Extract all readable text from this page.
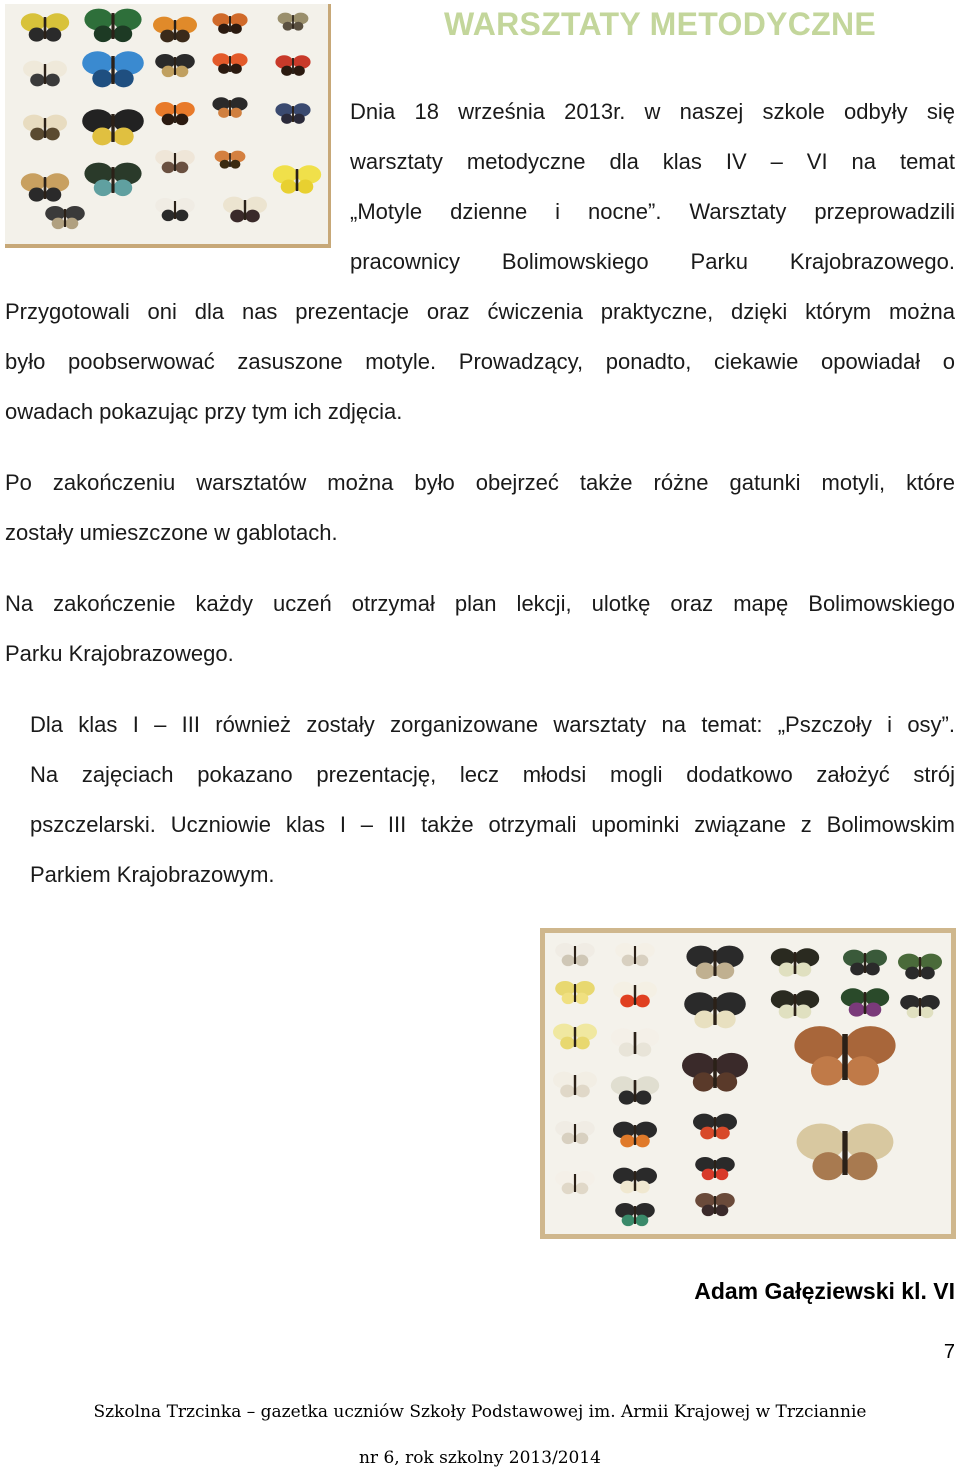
WARSZTATY METODYCZNE

Dnia 18 września 2013r. w naszej szkole odbyły się
warsztaty metodyczne dla klas IV – VI na temat
„Motyle dzienne i nocne”. Warsztaty przeprowadzili
pracownicy Bolimowskiego Parku Krajobrazowego.

Przygotowali oni dla nas prezentacje oraz ćwiczenia praktyczne, dzięki którym można
było poobserwować zasuszone motyle. Prowadzący, ponadto, ciekawie opowiadał o
owadach pokazując przy tym ich zdjęcia.

Po zakończeniu warsztatów można było obejrzeć także różne gatunki motyli, które
zostały umieszczone w gablotach.

Na zakończenie każdy uczeń otrzymał plan lekcji, ulotkę oraz mapę Bolimowskiego
Parku Krajobrazowego.

Dla klas I – III również zostały zorganizowane warsztaty na temat: „Pszczoły i osy”.
Na zajęciach pokazano prezentację, lecz młodsi mogli dodatkowo założyć strój
pszczelarski. Uczniowie klas I – III także otrzymali upominki związane z Bolimowskim
Parkiem Krajobrazowym.

Adam Gałęziewski kl. VI
7
Szkolna Trzcinka – gazetka uczniów Szkoły Podstawowej im. Armii Krajowej w Trzciannie
nr 6, rok szkolny 2013/2014
